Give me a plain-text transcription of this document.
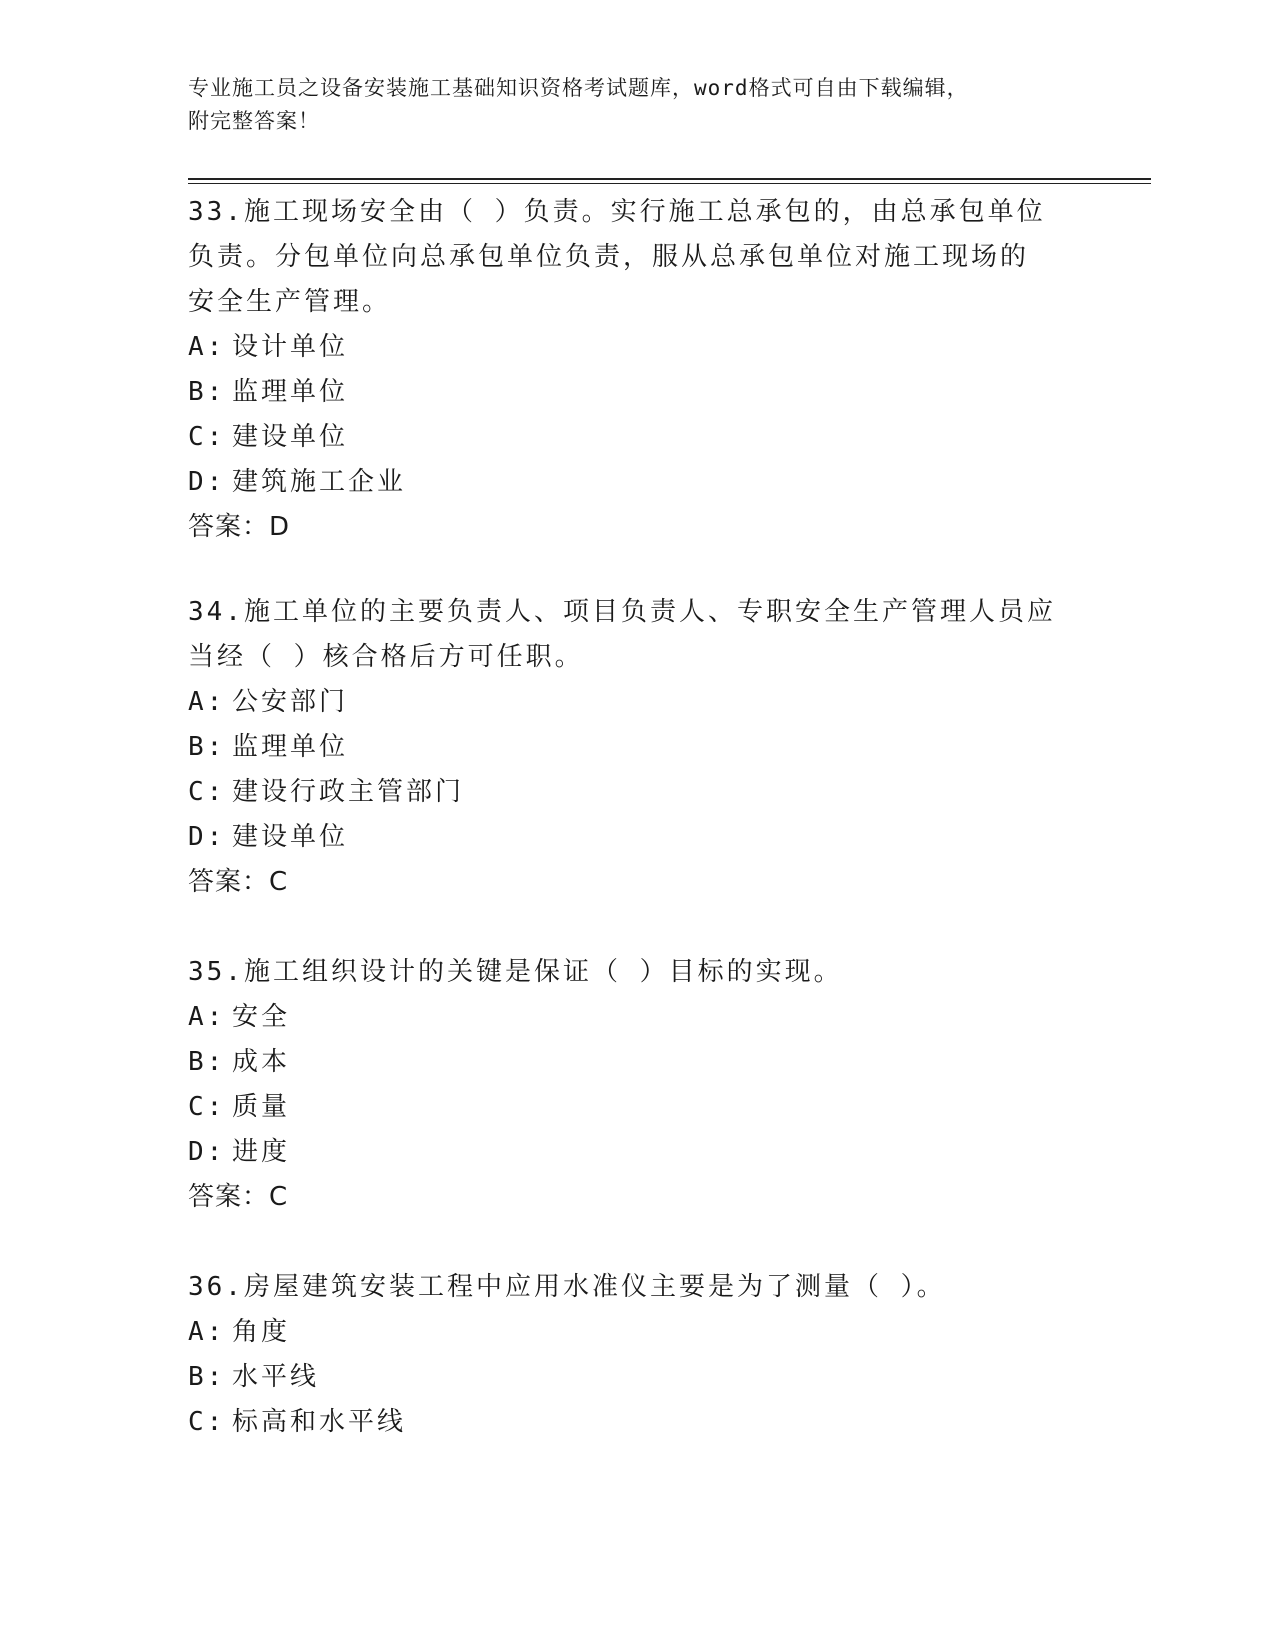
专业施工员之设备安装施工基础知识资格考试题库，word格式可自由下载编辑，
附完整答案！
33.施工现场安全由（ ）负责。实行施工总承包的，由总承包单位负责。分包单位向总承包单位负责，服从总承包单位对施工现场的安全生产管理。
A: 设计单位
B: 监理单位
C: 建设单位
D: 建筑施工企业
答案：D
34.施工单位的主要负责人、项目负责人、专职安全生产管理人员应当经（ ）核合格后方可任职。
A: 公安部门
B: 监理单位
C: 建设行政主管部门
D: 建设单位
答案：C
35.施工组织设计的关键是保证（ ）目标的实现。
A: 安全
B: 成本
C: 质量
D: 进度
答案：C
36.房屋建筑安装工程中应用水准仪主要是为了测量（ ）。
A: 角度
B: 水平线
C: 标高和水平线
